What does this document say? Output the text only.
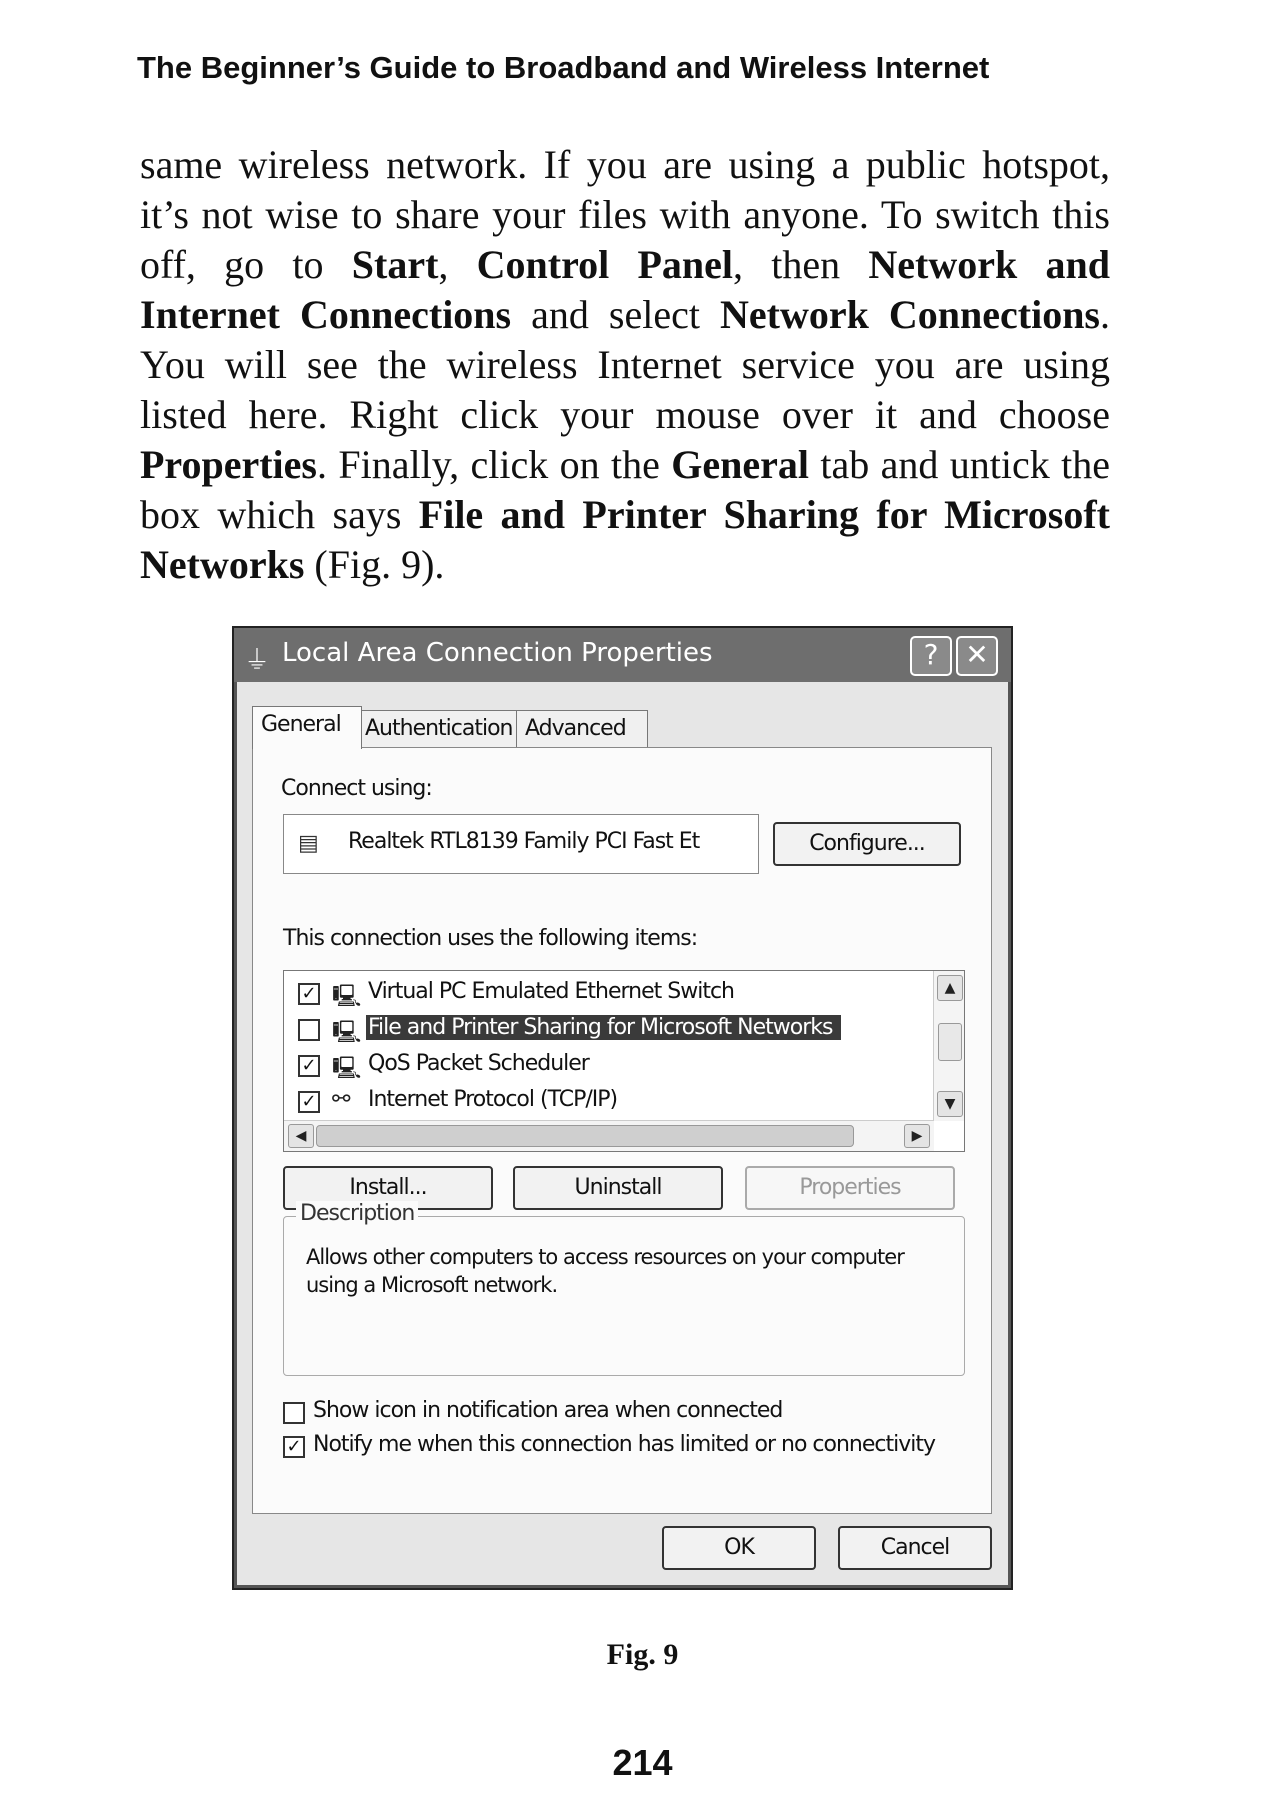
The Beginner’s Guide to Broadband and Wireless Internet
same wireless network. If you are using a public hotspot, it’s not wise to share your files with anyone. To switch this off, go to Start, Control Panel, then Network and Internet Connections and select Network Connections. You will see the wireless Internet service you are using listed here. Right click your mouse over it and choose Properties. Finally, click on the General tab and untick the box which says File and Printer Sharing for Microsoft Networks (Fig. 9).
⏚ Local Area Connection Properties	? ✕
General	Authentication Advanced
Connect using:
▤ Realtek RTL8139 Family PCI Fast Et	Configure...
This connection uses the following items:
✓ 🖳 Virtual PC Emulated Ethernet Switch
🖳 File and Printer Sharing for Microsoft Networks
✓ 🖳 QoS Packet Scheduler
✓ ⚯ Internet Protocol (TCP/IP)
▲
▼
◀	▶
Install...	Uninstall	Properties
Description
Allows other computers to access resources on your computer using a Microsoft network.
Show icon in notification area when connected
✓ Notify me when this connection has limited or no connectivity
OK	Cancel
Fig. 9
214
